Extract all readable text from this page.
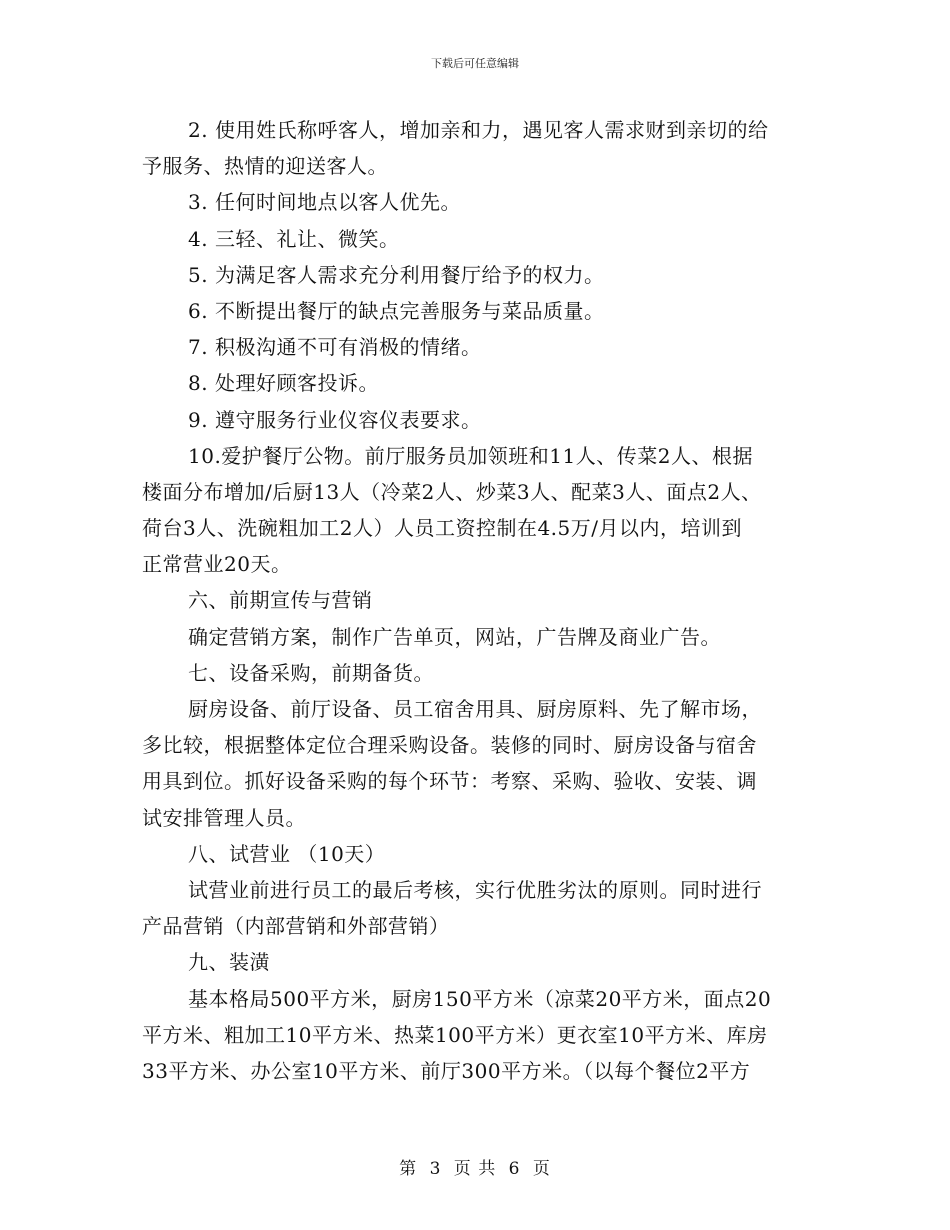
下载后可任意编辑
2. 使用姓氏称呼客人，增加亲和力，遇见客人需求财到亲切的给
予服务、热情的迎送客人。
3. 任何时间地点以客人优先。
4. 三轻、礼让、微笑。
5. 为满足客人需求充分利用餐厅给予的权力。
6. 不断提出餐厅的缺点完善服务与菜品质量。
7. 积极沟通不可有消极的情绪。
8. 处理好顾客投诉。
9. 遵守服务行业仪容仪表要求。
10.爱护餐厅公物。前厅服务员加领班和11人、传菜2人、根据
楼面分布增加/后厨13人（冷菜2人、炒菜3人、配菜3人、面点2人、
荷台3人、洗碗粗加工2人）人员工资控制在4.5万/月以内，培训到
正常营业20天。
六、前期宣传与营销
确定营销方案，制作广告单页，网站，广告牌及商业广告。
七、设备采购，前期备货。
厨房设备、前厅设备、员工宿舍用具、厨房原料、先了解市场，
多比较，根据整体定位合理采购设备。装修的同时、厨房设备与宿舍
用具到位。抓好设备采购的每个环节：考察、采购、验收、安装、调
试安排管理人员。
八、试营业 （10天）
试营业前进行员工的最后考核，实行优胜劣汰的原则。同时进行
产品营销（内部营销和外部营销）
九、装潢
基本格局500平方米，厨房150平方米（凉菜20平方米，面点20
平方米、粗加工10平方米、热菜100平方米）更衣室10平方米、库房
33平方米、办公室10平方米、前厅300平方米。（以每个餐位2平方
第 3 页 共 6 页
